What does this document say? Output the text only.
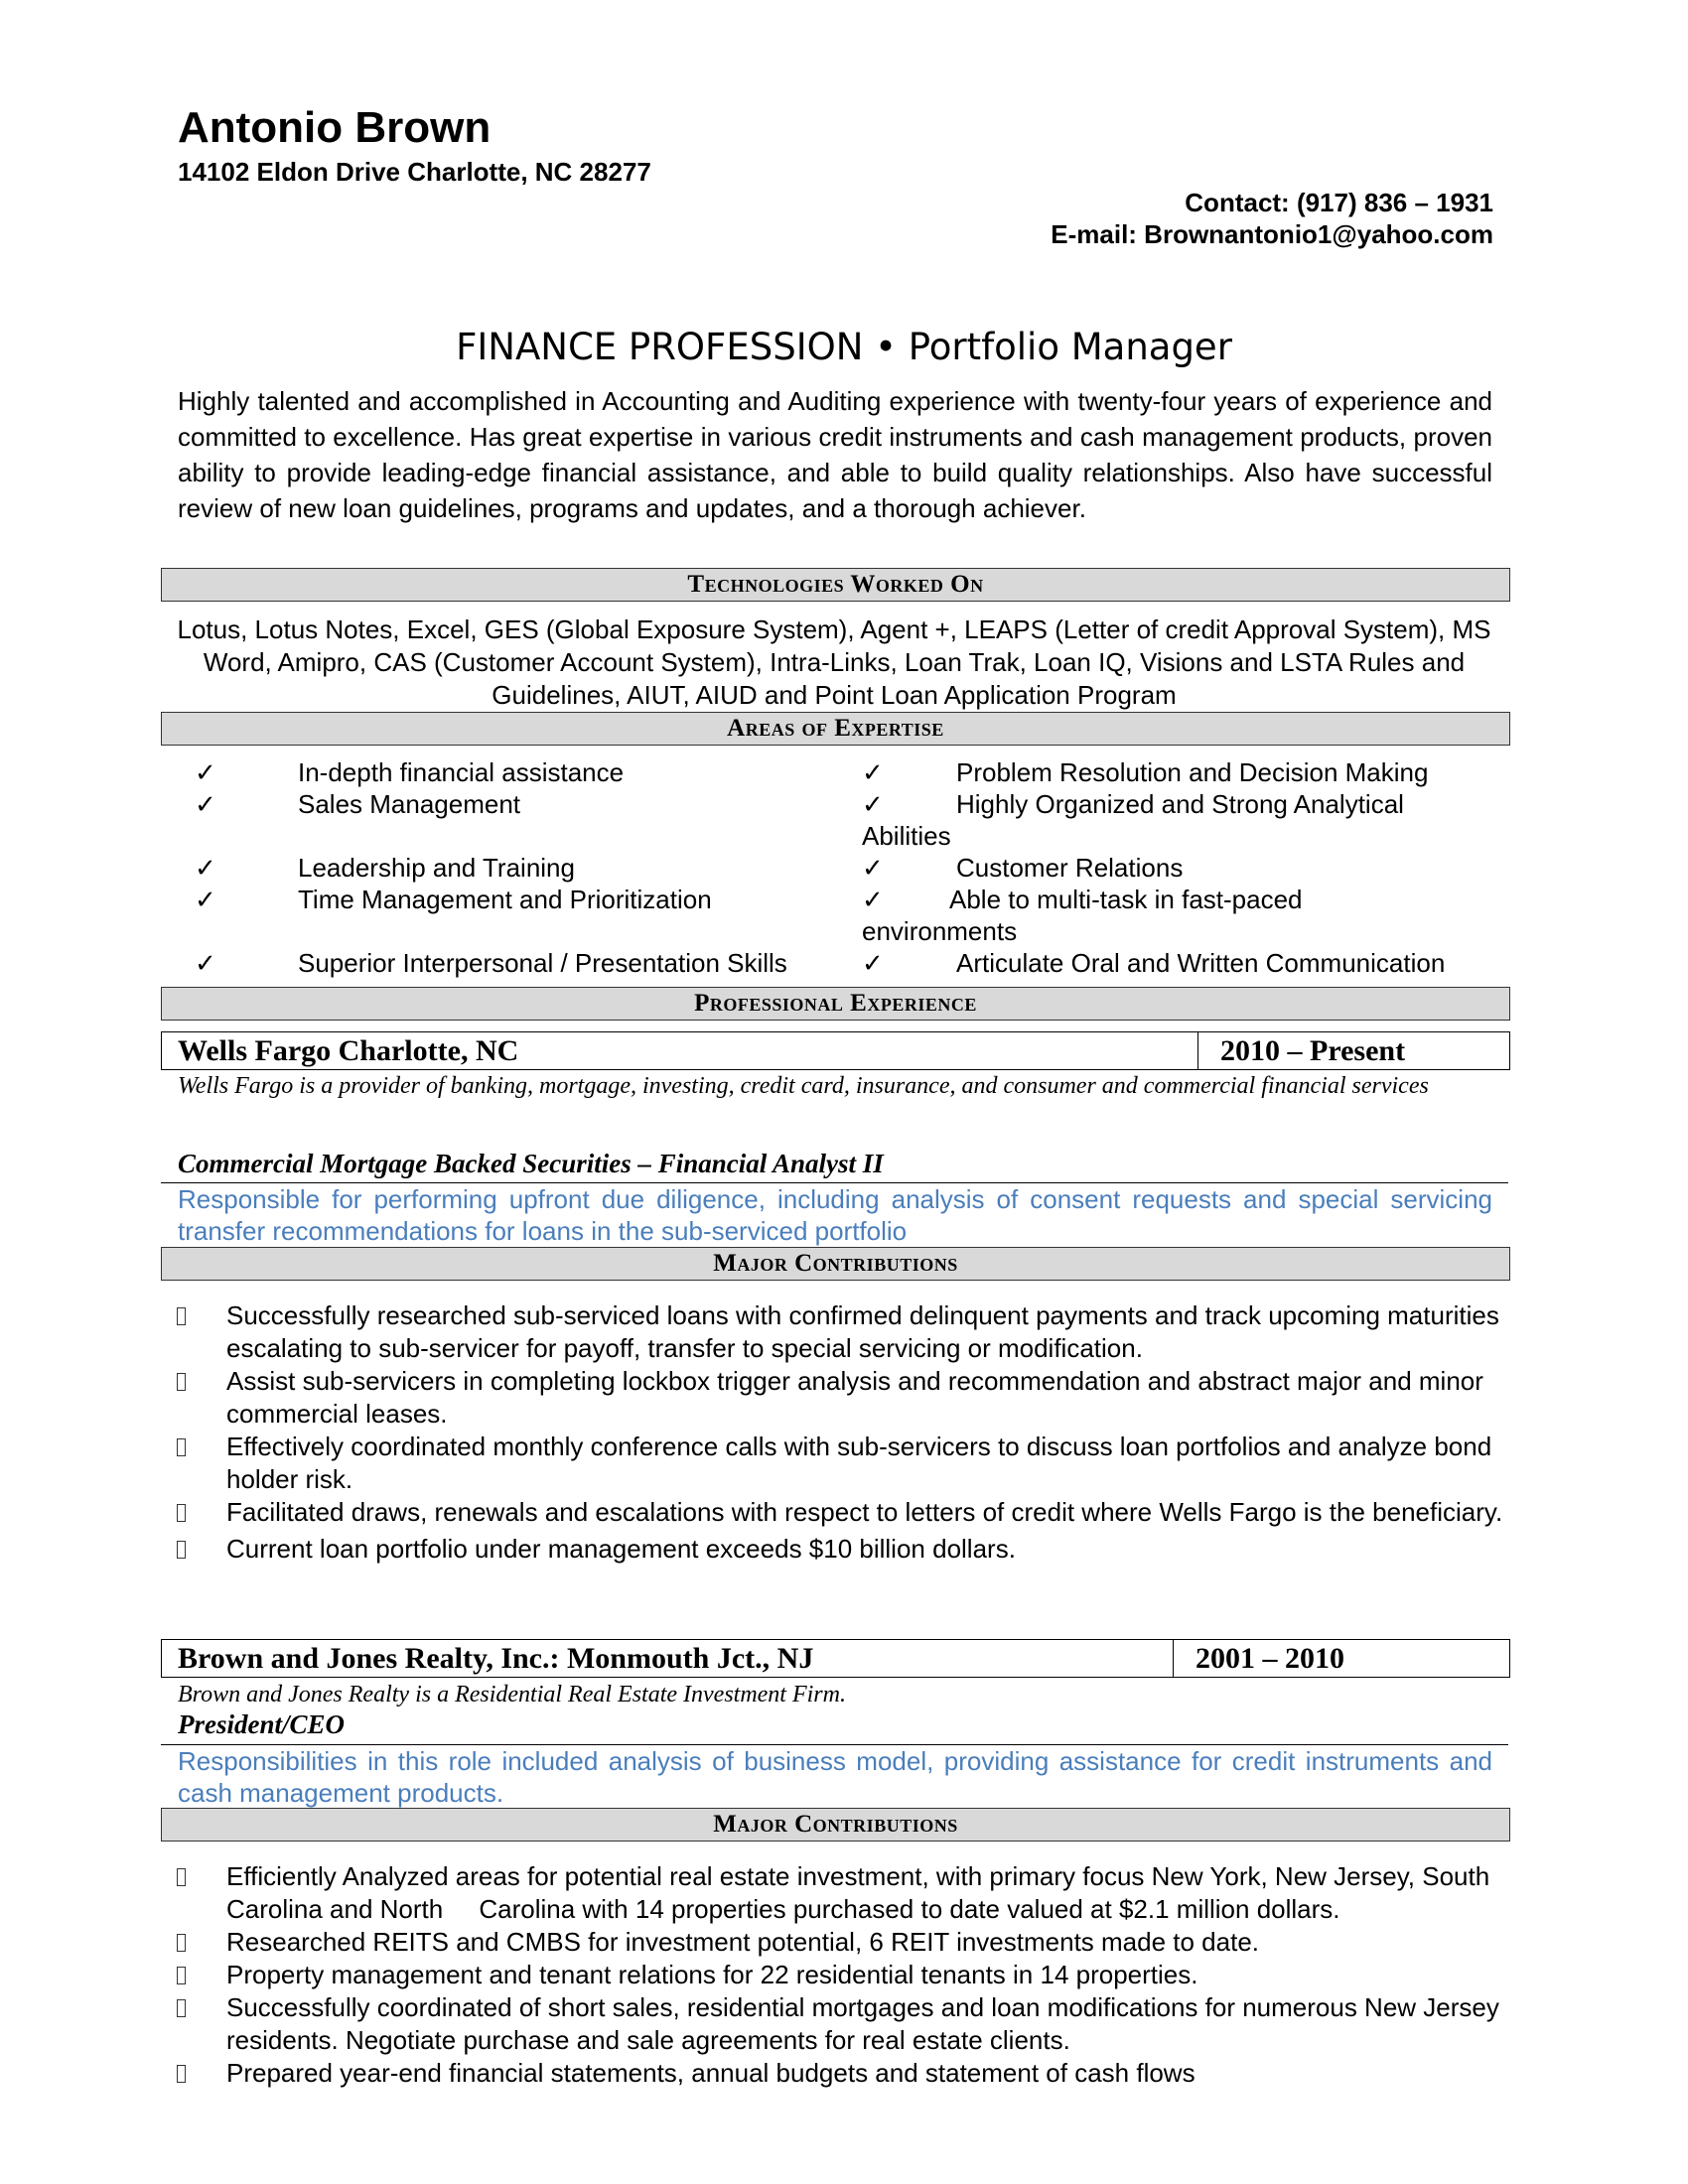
Antonio Brown
14102 Eldon Drive Charlotte, NC 28277
Contact: (917) 836 – 1931
E-mail: Brownantonio1@yahoo.com
FINANCE PROFESSION • Portfolio Manager
Highly talented and accomplished in Accounting and Auditing experience with twenty-four years of experience and committed to excellence. Has great expertise in various credit instruments and cash management products, proven ability to provide leading-edge financial assistance, and able to build quality relationships. Also have successful review of new loan guidelines, programs and updates, and a thorough achiever.
Technologies Worked On
Lotus, Lotus Notes, Excel, GES (Global Exposure System), Agent +, LEAPS (Letter of credit Approval System), MS Word, Amipro, CAS (Customer Account System), Intra-Links, Loan Trak, Loan IQ, Visions and LSTA Rules and Guidelines, AIUT, AIUD and Point Loan Application Program
Areas of Expertise
✓	In-depth financial assistance	✓	Problem Resolution and Decision Making
✓	Sales Management	✓	Highly Organized and Strong Analytical Abilities
✓	Leadership and Training	✓	Customer Relations
✓	Time Management and Prioritization	✓	Able to multi-task in fast-paced
environments
✓	Superior Interpersonal / Presentation Skills	✓	Articulate Oral and Written Communication
Professional Experience
Wells Fargo Charlotte, NC	2010 – Present
Wells Fargo is a provider of banking, mortgage, investing, credit card, insurance, and consumer and commercial financial services
Commercial Mortgage Backed Securities – Financial Analyst II
Responsible for performing upfront due diligence, including analysis of consent requests and special servicing transfer recommendations for loans in the sub-serviced portfolio
Major Contributions
Successfully researched sub-serviced loans with confirmed delinquent payments and track upcoming maturities escalating to sub-servicer for payoff, transfer to special servicing or modification.
Assist sub-servicers in completing lockbox trigger analysis and recommendation and abstract major and minor commercial leases.
Effectively coordinated monthly conference calls with sub-servicers to discuss loan portfolios and analyze bond holder risk.
Facilitated draws, renewals and escalations with respect to letters of credit where Wells Fargo is the beneficiary.
Current loan portfolio under management exceeds $10 billion dollars.
Brown and Jones Realty, Inc.: Monmouth Jct., NJ	2001 – 2010
Brown and Jones Realty is a Residential Real Estate Investment Firm.
President/CEO
Responsibilities in this role included analysis of business model, providing assistance for credit instruments and cash management products.
Major Contributions
Efficiently Analyzed areas for potential real estate investment, with primary focus New York, New Jersey, South Carolina and North     Carolina with 14 properties purchased to date valued at $2.1 million dollars.
Researched REITS and CMBS for investment potential, 6 REIT investments made to date.
Property management and tenant relations for 22 residential tenants in 14 properties.
Successfully coordinated of short sales, residential mortgages and loan modifications for numerous New Jersey residents. Negotiate purchase and sale agreements for real estate clients.
Prepared year-end financial statements, annual budgets and statement of cash flows
